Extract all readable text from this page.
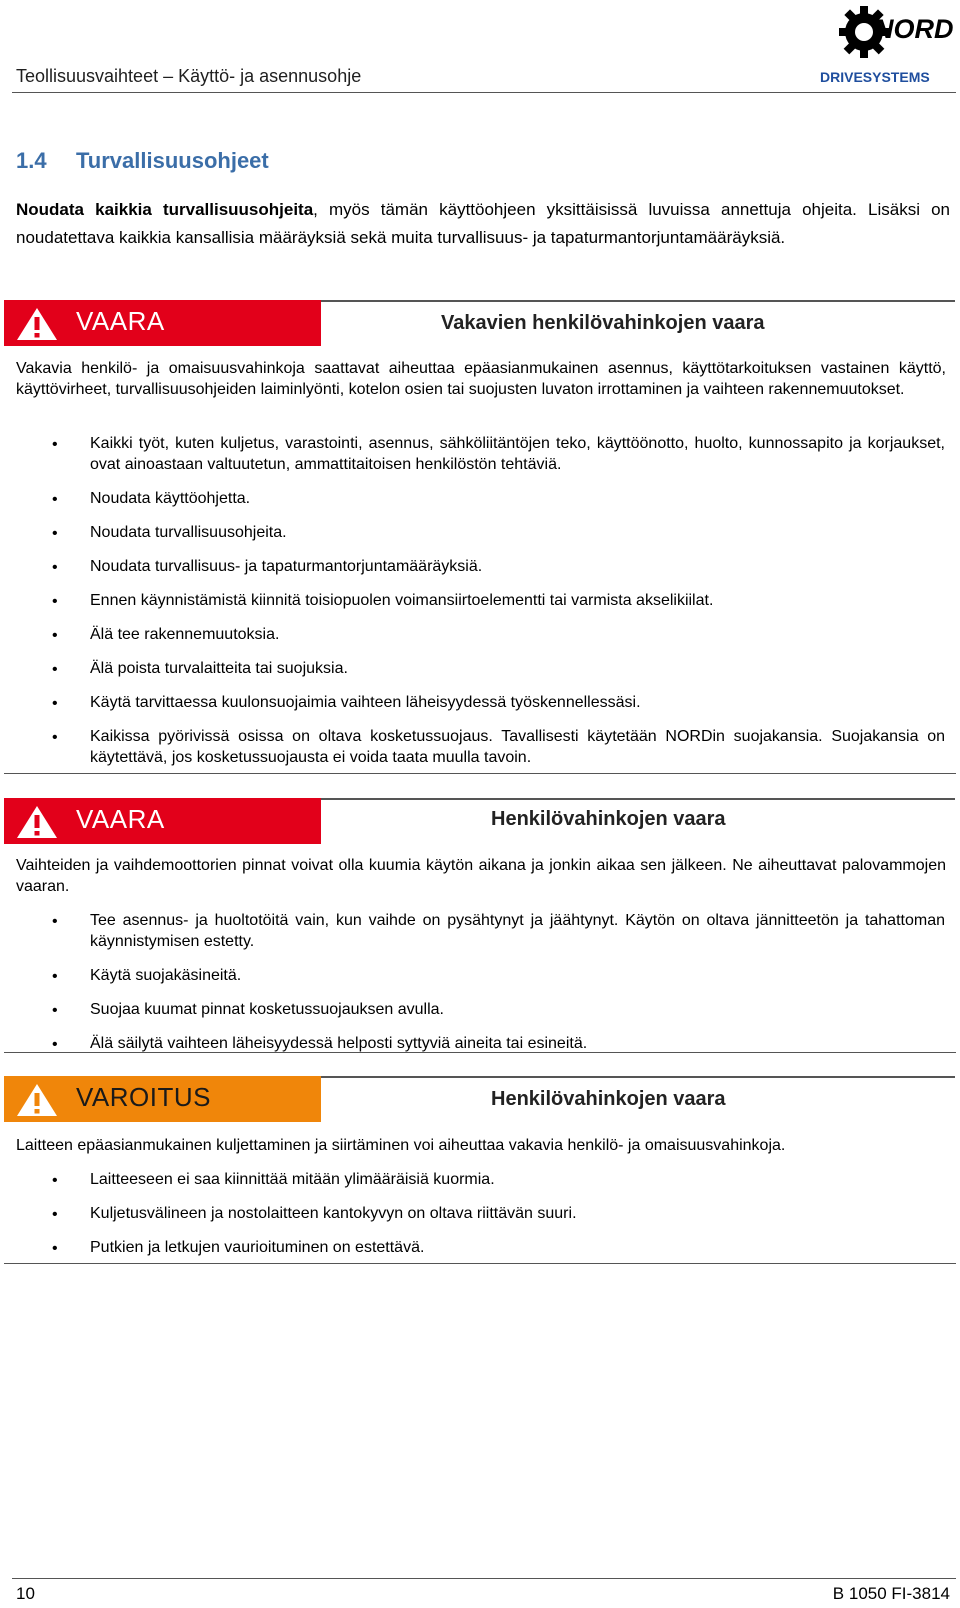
Teollisuusvaihteet – Käyttö- ja asennusohje
NORD
DRIVESYSTEMS
1.4 Turvallisuusohjeet
Noudata kaikkia turvallisuusohjeita, myös tämän käyttöohjeen yksittäisissä luvuissa annettuja ohjeita. Lisäksi on noudatettava kaikkia kansallisia määräyksiä sekä muita turvallisuus- ja tapaturmantorjuntamääräyksiä.
VAARA	Vakavien henkilövahinkojen vaara
Vakavia henkilö- ja omaisuusvahinkoja saattavat aiheuttaa epäasianmukainen asennus, käyttötarkoituksen vastainen käyttö, käyttövirheet, turvallisuusohjeiden laiminlyönti, kotelon osien tai suojusten luvaton irrottaminen ja vaihteen rakennemuutokset.
• Kaikki työt, kuten kuljetus, varastointi, asennus, sähköliitäntöjen teko, käyttöönotto, huolto, kunnossapito ja korjaukset, ovat ainoastaan valtuutetun, ammattitaitoisen henkilöstön tehtäviä.
• Noudata käyttöohjetta.
• Noudata turvallisuusohjeita.
• Noudata turvallisuus- ja tapaturmantorjuntamääräyksiä.
• Ennen käynnistämistä kiinnitä toisiopuolen voimansiirtoelementti tai varmista akselikiilat.
• Älä tee rakennemuutoksia.
• Älä poista turvalaitteita tai suojuksia.
• Käytä tarvittaessa kuulonsuojaimia vaihteen läheisyydessä työskennellessäsi.
• Kaikissa pyörivissä osissa on oltava kosketussuojaus. Tavallisesti käytetään NORDin suojakansia. Suojakansia on käytettävä, jos kosketussuojausta ei voida taata muulla tavoin.
VAARA	Henkilövahinkojen vaara
Vaihteiden ja vaihdemoottorien pinnat voivat olla kuumia käytön aikana ja jonkin aikaa sen jälkeen. Ne aiheuttavat palovammojen vaaran.
• Tee asennus- ja huoltotöitä vain, kun vaihde on pysähtynyt ja jäähtynyt. Käytön on oltava jännitteetön ja tahattoman käynnistymisen estetty.
• Käytä suojakäsineitä.
• Suojaa kuumat pinnat kosketussuojauksen avulla.
• Älä säilytä vaihteen läheisyydessä helposti syttyviä aineita tai esineitä.
VAROITUS	Henkilövahinkojen vaara
Laitteen epäasianmukainen kuljettaminen ja siirtäminen voi aiheuttaa vakavia henkilö- ja omaisuusvahinkoja.
• Laitteeseen ei saa kiinnittää mitään ylimääräisiä kuormia.
• Kuljetusvälineen ja nostolaitteen kantokyvyn on oltava riittävän suuri.
• Putkien ja letkujen vaurioituminen on estettävä.
10	B 1050 FI-3814
